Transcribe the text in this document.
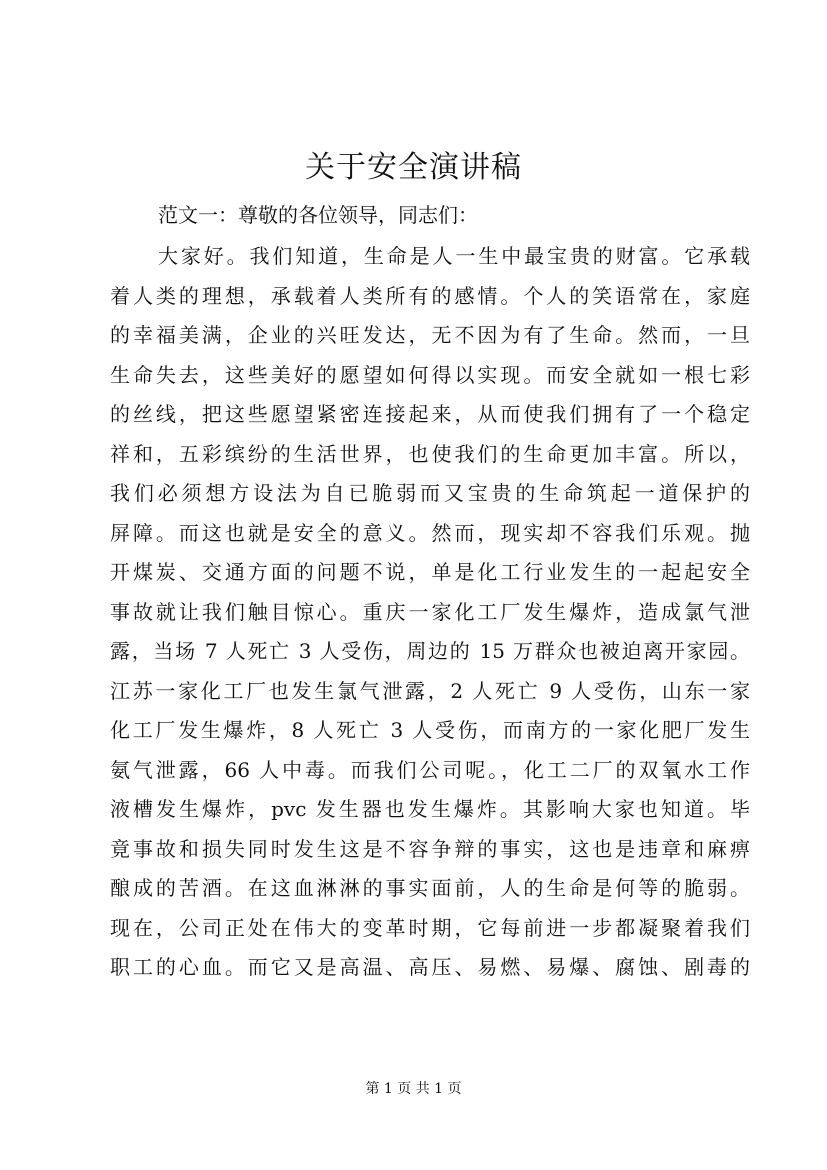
关于安全演讲稿
范文一：尊敬的各位领导，同志们：
大家好。我们知道，生命是人一生中最宝贵的财富。它承载
着人类的理想，承载着人类所有的感情。个人的笑语常在，家庭
的幸福美满，企业的兴旺发达，无不因为有了生命。然而，一旦
生命失去，这些美好的愿望如何得以实现。而安全就如一根七彩
的丝线，把这些愿望紧密连接起来，从而使我们拥有了一个稳定
祥和，五彩缤纷的生活世界，也使我们的生命更加丰富。所以，
我们必须想方设法为自已脆弱而又宝贵的生命筑起一道保护的
屏障。而这也就是安全的意义。然而，现实却不容我们乐观。抛
开煤炭、交通方面的问题不说，单是化工行业发生的一起起安全
事故就让我们触目惊心。重庆一家化工厂发生爆炸，造成氯气泄
露，当场 7 人死亡 3 人受伤，周边的 15 万群众也被迫离开家园。
江苏一家化工厂也发生氯气泄露，2 人死亡 9 人受伤，山东一家
化工厂发生爆炸，8 人死亡 3 人受伤，而南方的一家化肥厂发生
氨气泄露，66 人中毒。而我们公司呢。，化工二厂的双氧水工作
液槽发生爆炸，pvc 发生器也发生爆炸。其影响大家也知道。毕
竟事故和损失同时发生这是不容争辩的事实，这也是违章和麻痹
酿成的苦酒。在这血淋淋的事实面前，人的生命是何等的脆弱。
现在，公司正处在伟大的变革时期，它每前进一步都凝聚着我们
职工的心血。而它又是高温、高压、易燃、易爆、腐蚀、剧毒的
第 1 页 共 1 页
